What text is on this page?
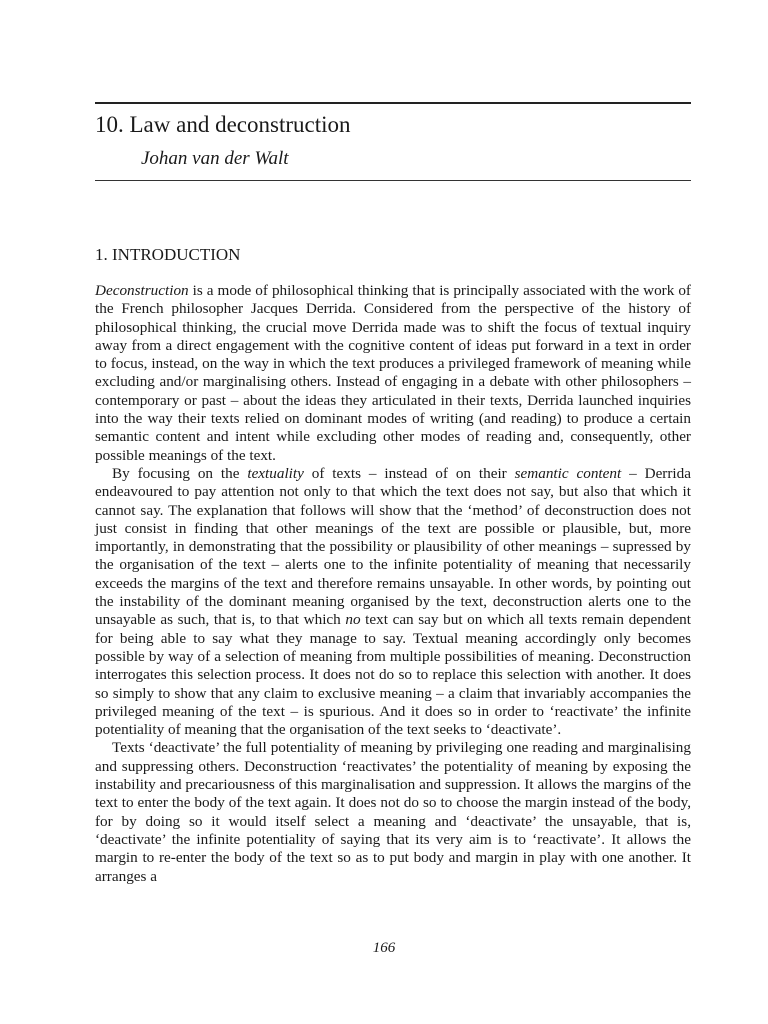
10. Law and deconstruction
Johan van der Walt
1. INTRODUCTION

Deconstruction is a mode of philosophical thinking that is principally associated with the work of the French philosopher Jacques Derrida. Considered from the perspective of the history of philosophical thinking, the crucial move Derrida made was to shift the focus of textual inquiry away from a direct engagement with the cognitive content of ideas put forward in a text in order to focus, instead, on the way in which the text produces a privileged framework of meaning while excluding and/or marginalising others. Instead of engaging in a debate with other philosophers – contemporary or past – about the ideas they articulated in their texts, Derrida launched inquiries into the way their texts relied on dominant modes of writing (and reading) to produce a certain semantic content and intent while excluding other modes of reading and, consequently, other possible meanings of the text.

By focusing on the textuality of texts – instead of on their semantic content – Derrida endeavoured to pay attention not only to that which the text does not say, but also that which it cannot say. The explanation that follows will show that the ‘method’ of deconstruction does not just consist in finding that other meanings of the text are possible or plausible, but, more importantly, in demonstrating that the possibility or plausibility of other meanings – supressed by the organisation of the text – alerts one to the infinite potentiality of meaning that necessarily exceeds the margins of the text and therefore remains unsayable. In other words, by pointing out the instability of the dominant meaning organised by the text, deconstruction alerts one to the unsayable as such, that is, to that which no text can say but on which all texts remain dependent for being able to say what they manage to say. Textual meaning accordingly only becomes possible by way of a selection of meaning from multiple possibilities of meaning. Deconstruction interrogates this selection process. It does not do so to replace this selection with another. It does so simply to show that any claim to exclusive meaning – a claim that invariably accompanies the privileged meaning of the text – is spurious. And it does so in order to ‘reactivate’ the infinite potentiality of meaning that the organisation of the text seeks to ‘deactivate’.

Texts ‘deactivate’ the full potentiality of meaning by privileging one reading and marginalising and suppressing others. Deconstruction ‘reactivates’ the potentiality of meaning by exposing the instability and precariousness of this marginalisation and suppression. It allows the margins of the text to enter the body of the text again. It does not do so to choose the margin instead of the body, for by doing so it would itself select a meaning and ‘deactivate’ the unsayable, that is, ‘deactivate’ the infinite potentiality of saying that its very aim is to ‘reactivate’. It allows the margin to re-enter the body of the text so as to put body and margin in play with one another. It arranges a

166
